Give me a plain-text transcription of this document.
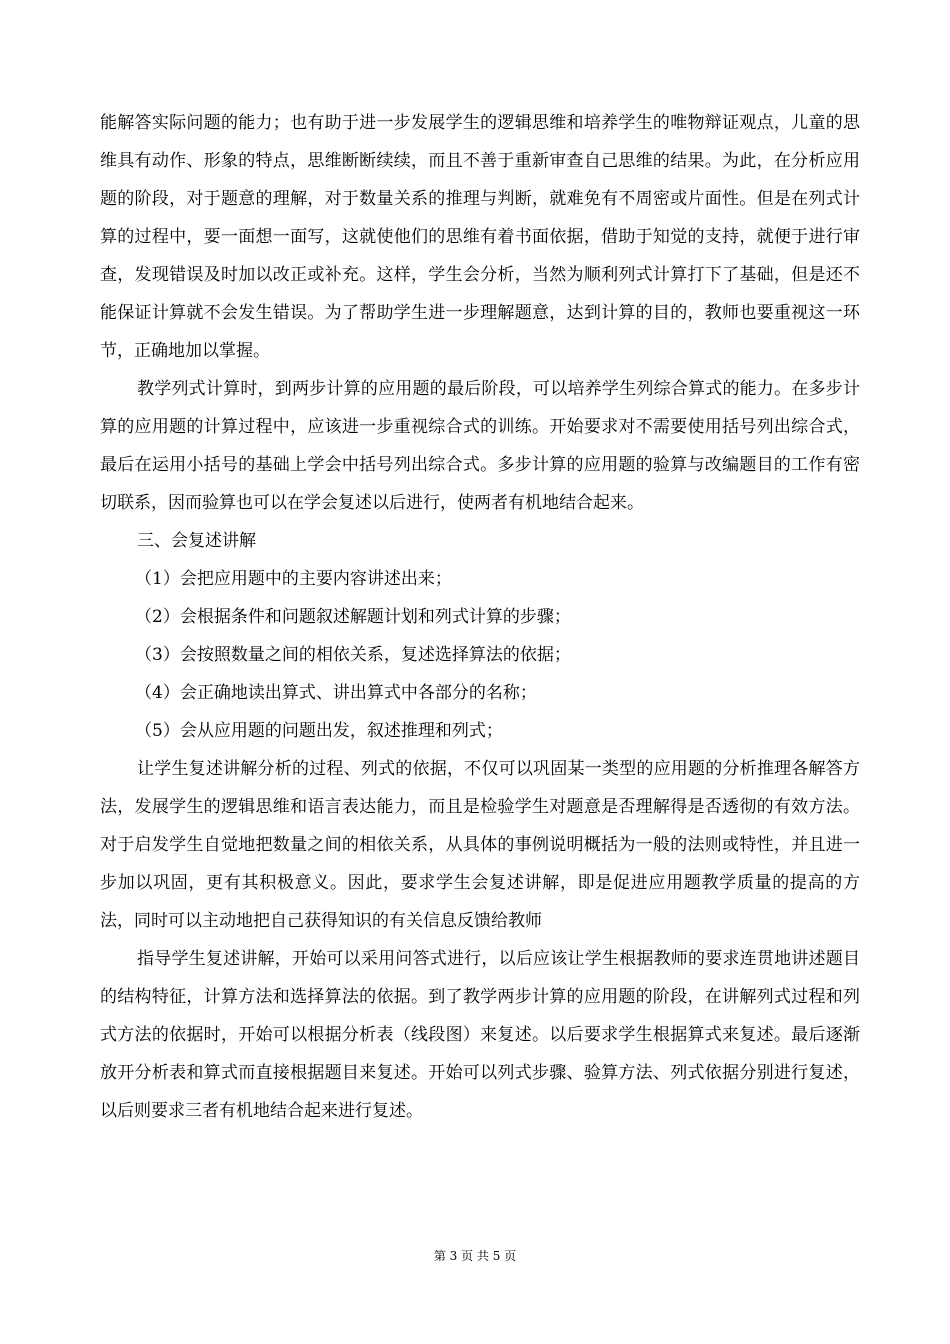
能解答实际问题的能力；也有助于进一步发展学生的逻辑思维和培养学生的唯物辩证观点，儿童的思维具有动作、形象的特点，思维断断续续，而且不善于重新审查自己思维的结果。为此，在分析应用题的阶段，对于题意的理解，对于数量关系的推理与判断，就难免有不周密或片面性。但是在列式计算的过程中，要一面想一面写，这就使他们的思维有着书面依据，借助于知觉的支持，就便于进行审查，发现错误及时加以改正或补充。这样，学生会分析，当然为顺利列式计算打下了基础，但是还不能保证计算就不会发生错误。为了帮助学生进一步理解题意，达到计算的目的，教师也要重视这一环节，正确地加以掌握。

教学列式计算时，到两步计算的应用题的最后阶段，可以培养学生列综合算式的能力。在多步计算的应用题的计算过程中，应该进一步重视综合式的训练。开始要求对不需要使用括号列出综合式，最后在运用小括号的基础上学会中括号列出综合式。多步计算的应用题的验算与改编题目的工作有密切联系，因而验算也可以在学会复述以后进行，使两者有机地结合起来。

三、会复述讲解

（1）会把应用题中的主要内容讲述出来；

（2）会根据条件和问题叙述解题计划和列式计算的步骤；

（3）会按照数量之间的相依关系，复述选择算法的依据；

（4）会正确地读出算式、讲出算式中各部分的名称；

（5）会从应用题的问题出发，叙述推理和列式；

让学生复述讲解分析的过程、列式的依据，不仅可以巩固某一类型的应用题的分析推理各解答方法，发展学生的逻辑思维和语言表达能力，而且是检验学生对题意是否理解得是否透彻的有效方法。对于启发学生自觉地把数量之间的相依关系，从具体的事例说明概括为一般的法则或特性，并且进一步加以巩固，更有其积极意义。因此，要求学生会复述讲解，即是促进应用题教学质量的提高的方法，同时可以主动地把自己获得知识的有关信息反馈给教师

指导学生复述讲解，开始可以采用问答式进行，以后应该让学生根据教师的要求连贯地讲述题目的结构特征，计算方法和选择算法的依据。到了教学两步计算的应用题的阶段，在讲解列式过程和列式方法的依据时，开始可以根据分析表（线段图）来复述。以后要求学生根据算式来复述。最后逐渐放开分析表和算式而直接根据题目来复述。开始可以列式步骤、验算方法、列式依据分别进行复述，以后则要求三者有机地结合起来进行复述。

第 3 页 共 5 页
